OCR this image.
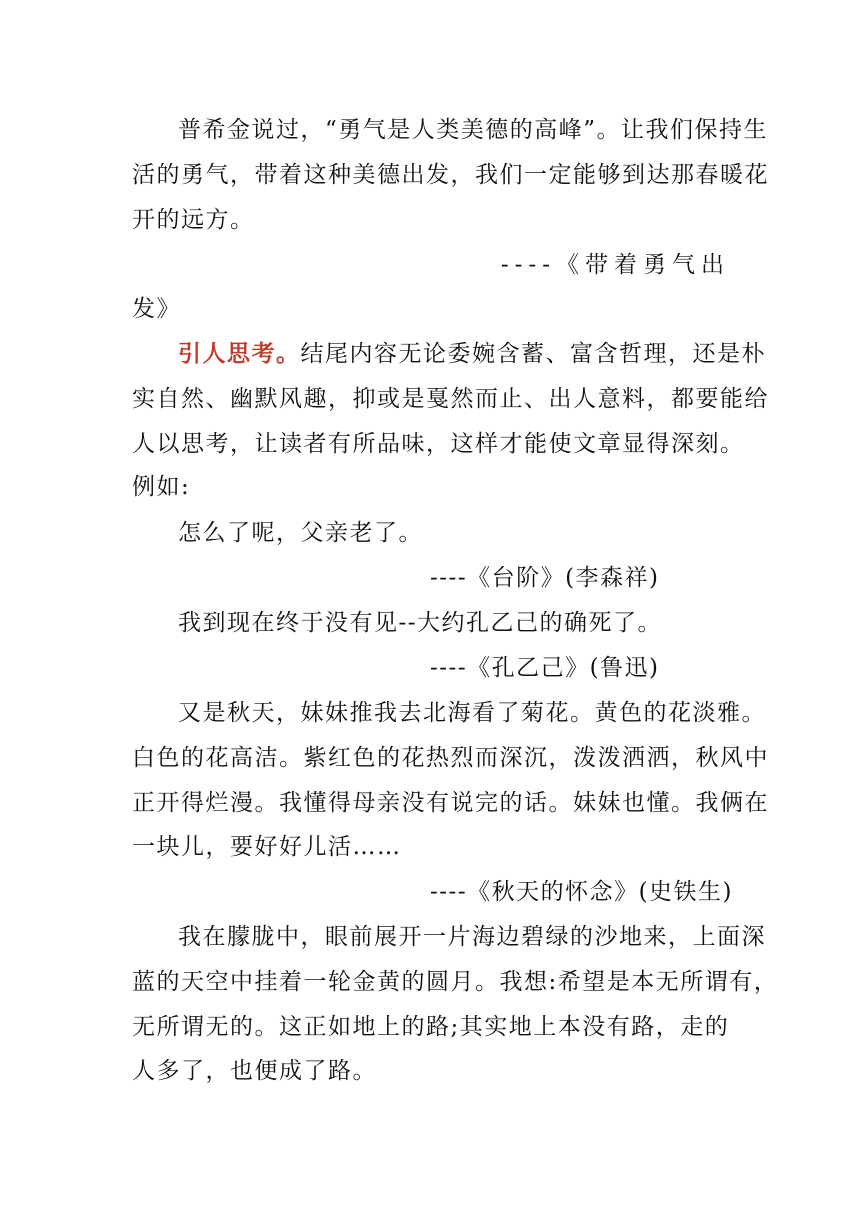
普希金说过，“勇气是人类美德的高峰”。让我们保持生
活的勇气，带着这种美德出发，我们一定能够到达那春暖花
开的远方。
----《带着勇气出
发》
引人思考。结尾内容无论委婉含蓄、富含哲理，还是朴
实自然、幽默风趣，抑或是戛然而止、出人意料，都要能给
人以思考，让读者有所品味，这样才能使文章显得深刻。
例如:
怎么了呢，父亲老了。
----《台阶》(李森祥)
我到现在终于没有见--大约孔乙己的确死了。
----《孔乙己》(鲁迅)
又是秋天，妹妹推我去北海看了菊花。黄色的花淡雅。
白色的花高洁。紫红色的花热烈而深沉，泼泼洒洒，秋风中
正开得烂漫。我懂得母亲没有说完的话。妹妹也懂。我俩在
一块儿，要好好儿活……
----《秋天的怀念》(史铁生)
我在朦胧中，眼前展开一片海边碧绿的沙地来，上面深
蓝的天空中挂着一轮金黄的圆月。我想:希望是本无所谓有，
无所谓无的。这正如地上的路;其实地上本没有路，走的
人多了，也便成了路。
